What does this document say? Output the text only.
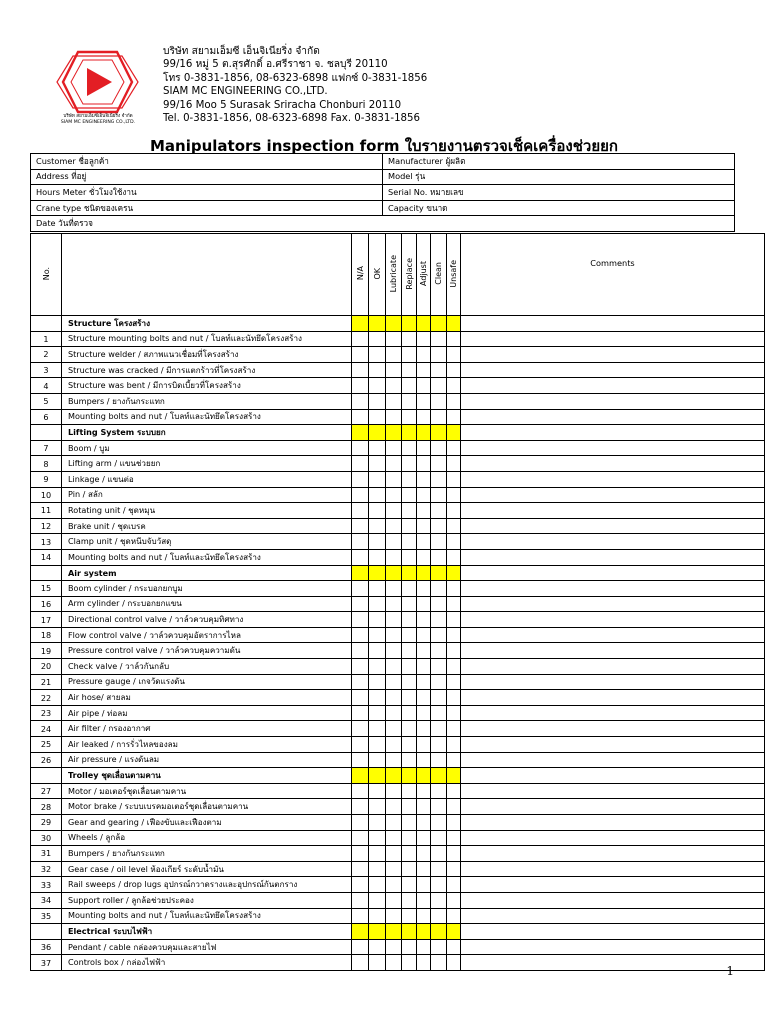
บริษัท สยามเอ็มซีเอ็นจิเนียริ่ง จำกัด
SIAM MC ENGINEERING CO.,LTD.
บริษัท สยามเอ็มซี เอ็นจิเนียริ่ง จำกัด
99/16 หมู่ 5 ต.สุรศักดิ์ อ.ศรีราชา จ. ชลบุรี 20110
โทร 0-3831-1856, 08-6323-6898 แฟกซ์ 0-3831-1856
SIAM MC ENGINEERING CO.,LTD.
99/16 Moo 5 Surasak Sriracha Chonburi 20110
Tel. 0-3831-1856, 08-6323-6898 Fax. 0-3831-1856
Manipulators inspection form ใบรายงานตรวจเช็คเครื่องช่วยยก
Customer ชื่อลูกค้า	Manufacturer ผู้ผลิต
Address ที่อยู่	Model รุ่น
Hours Meter ชั่วโมงใช้งาน	Serial No. หมายเลข
Crane type ชนิดของเครน	Capacity ขนาด
Date วันที่ตรวจ	
No.		N/A	OK	Lubricate	Replace	Adjust	Clean	Unsafe	Comments
	Structure โครงสร้าง								
1	Structure mounting bolts and nut / โบลท์และนัทยึดโครงสร้าง								
2	Structure welder / สภาพแนวเชื่อมที่โครงสร้าง								
3	Structure was cracked / มีการแตกร้าวที่โครงสร้าง								
4	Structure was bent / มีการบิดเบี้ยวที่โครงสร้าง								
5	Bumpers / ยางกันกระแทก								
6	Mounting bolts and nut / โบลท์และนัทยึดโครงสร้าง								
	Lifting System ระบบยก								
7	Boom / บูม								
8	Lifting arm / แขนช่วยยก								
9	Linkage / แขนต่อ								
10	Pin / สลัก								
11	Rotating unit / ชุดหมุน								
12	Brake unit / ชุดเบรค								
13	Clamp unit / ชุดหนีบจับวัสดุ								
14	Mounting bolts and nut / โบลท์และนัทยึดโครงสร้าง								
	Air system								
15	Boom cylinder / กระบอกยกบูม								
16	Arm cylinder / กระบอกยกแขน								
17	Directional control valve / วาล์วควบคุมทิศทาง								
18	Flow control valve / วาล์วควบคุมอัตราการไหล								
19	Pressure control valve / วาล์วควบคุมความดัน								
20	Check valve / วาล์วกันกลับ								
21	Pressure gauge / เกจวัดแรงดัน								
22	Air hose/ สายลม								
23	Air pipe / ท่อลม								
24	Air filter / กรองอากาศ								
25	Air leaked / การรั่วไหลของลม								
26	Air pressure / แรงดันลม								
	Trolley ชุดเลื่อนตามคาน								
27	Motor / มอเตอร์ชุดเลื่อนตามคาน								
28	Motor brake / ระบบเบรคมอเตอร์ชุดเลื่อนตามคาน								
29	Gear and gearing / เฟืองขับและเฟืองตาม								
30	Wheels / ลูกล้อ								
31	Bumpers / ยางกันกระแทก								
32	Gear case / oil level ห้องเกียร์ ระดับน้ำมัน								
33	Rail sweeps / drop lugs อุปกรณ์กวาดรางและอุปกรณ์กันตกราง								
34	Support roller / ลูกล้อช่วยประคอง								
35	Mounting bolts and nut / โบลท์และนัทยึดโครงสร้าง								
	Electrical ระบบไฟฟ้า								
36	Pendant / cable กล่องควบคุมและสายไฟ								
37	Controls box / กล่องไฟฟ้า								
1
